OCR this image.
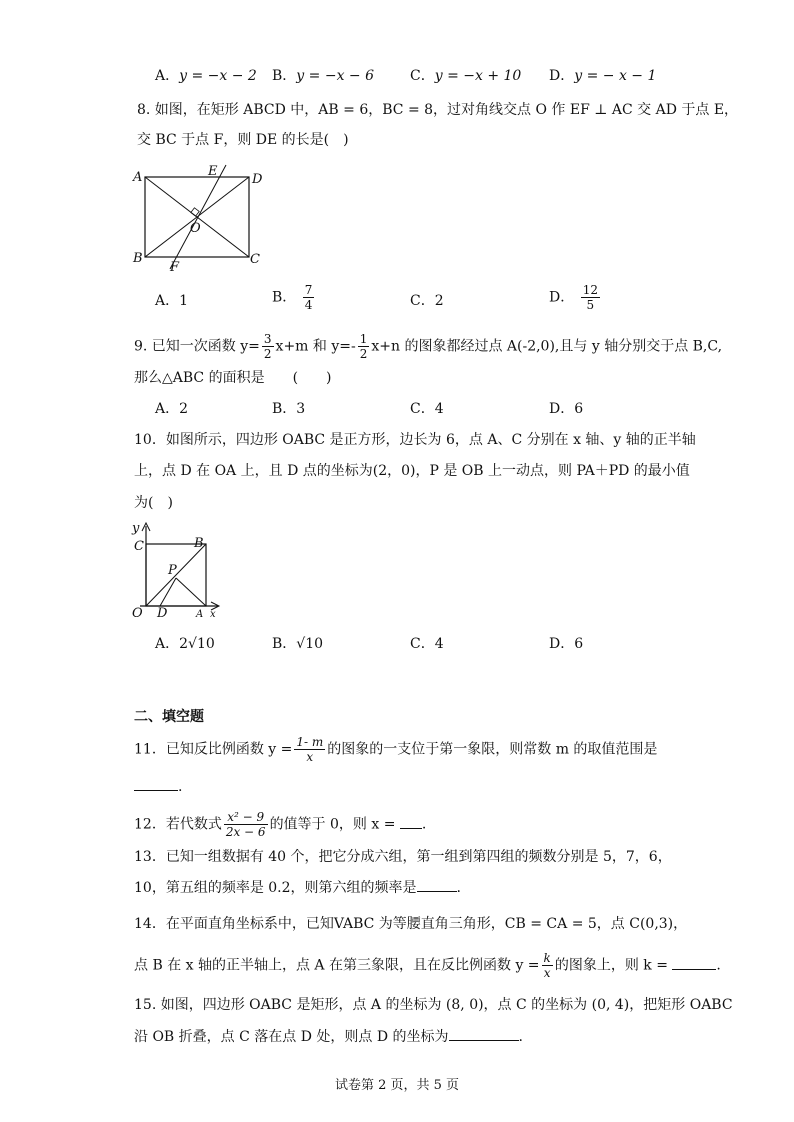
A．y = −x − 2 B．y = −x − 6	C．y = −x + 10 D．y = − x − 1
8. 如图，在矩形 ABCD 中，AB = 6，BC = 8，过对角线交点 O 作 EF ⊥ AC 交 AD 于点 E，
交 BC 于点 F，则 DE 的长是(　)
A	D
E
O
B	C
F
A．1	B． $\frac{7}{4}$	C．2	D． $\frac{12}{5}$
9. 已知一次函数 $y= \frac{3}{2} x+m$ 和 $y=- \frac{1}{2} x+n$ 的图象都经过点 A(-2,0),且与 y 轴分别交于点 B,C,
那么△ABC 的面积是　　(　　)
A．2	B．3	C．4	D．6
10．如图所示，四边形 OABC 是正方形，边长为 6，点 A、C 分别在 x 轴、y 轴的正半轴
上，点 D 在 OA 上，且 D 点的坐标为(2，0)，P 是 OB 上一动点，则 PA＋PD 的最小值
为(　)
y
C	B
P
O D	A x
A．2√10	B．√10	C．4	D．6
二、填空题
11．已知反比例函数 $y = \frac{1- m}{x}$ 的图象的一支位于第一象限，则常数 m 的取值范围是
.
12．若代数式 $\frac{\text{x² − 9}}{2x - 6}$ 的值等于 0，则 x = .
13．已知一组数据有 40 个，把它分成六组，第一组到第四组的频数分别是 5，7，6，
10，第五组的频率是 0.2，则第六组的频率是	.
14．在平面直角坐标系中，已知VABC 为等腰直角三角形，CB = CA = 5，点 C(0,3)，
点 B 在 x 轴的正半轴上，点 A 在第三象限，且在反比例函数 $y = \frac{k}{x}$ 的图象上，则 k =	.
15. 如图，四边形 OABC 是矩形，点 A 的坐标为 (8, 0)，点 C 的坐标为 (0, 4)，把矩形 OABC
沿 OB 折叠，点 C 落在点 D 处，则点 D 的坐标为	.
试卷第 2 页，共 5 页
